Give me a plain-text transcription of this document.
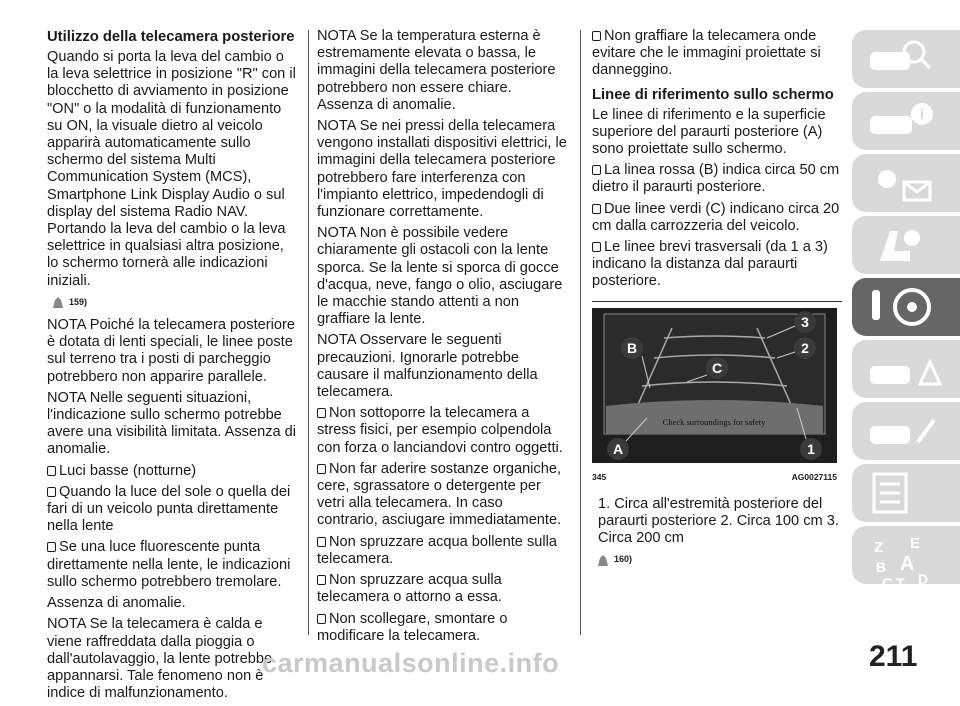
Utilizzo della telecamera posteriore

Quando si porta la leva del cambio o la leva selettrice in posizione "R" con il blocchetto di avviamento in posizione "ON" o la modalità di funzionamento su ON, la visuale dietro al veicolo apparirà automaticamente sullo schermo del sistema Multi Communication System (MCS), Smartphone Link Display Audio o sul display del sistema Radio NAV. Portando la leva del cambio o la leva selettrice in qualsiasi altra posizione, lo schermo tornerà alle indicazioni iniziali.

159)

NOTA Poiché la telecamera posteriore è dotata di lenti speciali, le linee poste sul terreno tra i posti di parcheggio potrebbero non apparire parallele.

NOTA Nelle seguenti situazioni, l'indicazione sullo schermo potrebbe avere una visibilità limitata. Assenza di anomalie.

Luci basse (notturne)

Quando la luce del sole o quella dei fari di un veicolo punta direttamente nella lente

Se una luce fluorescente punta direttamente nella lente, le indicazioni sullo schermo potrebbero tremolare.

Assenza di anomalie.

NOTA Se la telecamera è calda e viene raffreddata dalla pioggia o dall'autolavaggio, la lente potrebbe appannarsi. Tale fenomeno non è indice di malfunzionamento.

NOTA Se la temperatura esterna è estremamente elevata o bassa, le immagini della telecamera posteriore potrebbero non essere chiare. Assenza di anomalie.

NOTA Se nei pressi della telecamera vengono installati dispositivi elettrici, le immagini della telecamera posteriore potrebbero fare interferenza con l'impianto elettrico, impedendogli di funzionare correttamente.

NOTA Non è possibile vedere chiaramente gli ostacoli con la lente sporca. Se la lente si sporca di gocce d'acqua, neve, fango o olio, asciugare le macchie stando attenti a non graffiare la lente.

NOTA Osservare le seguenti precauzioni. Ignorarle potrebbe causare il malfunzionamento della telecamera.

Non sottoporre la telecamera a stress fisici, per esempio colpendola con forza o lanciandovi contro oggetti.

Non far aderire sostanze organiche, cere, sgrassatore o detergente per vetri alla telecamera. In caso contrario, asciugare immediatamente.

Non spruzzare acqua bollente sulla telecamera.

Non spruzzare acqua sulla telecamera o attorno a essa.

Non scollegare, smontare o modificare la telecamera.

Non graffiare la telecamera onde evitare che le immagini proiettate si danneggino.

Linee di riferimento sullo schermo

Le linee di riferimento e la superficie superiore del paraurti posteriore (A) sono proiettate sullo schermo.

La linea rossa (B) indica circa 50 cm dietro il paraurti posteriore.

Due linee verdi (C) indicano circa 20 cm dalla carrozzeria del veicolo.

Le linee brevi trasversali (da 1 a 3) indicano la distanza dal paraurti posteriore.

Check surroundings for safety
B
C
3
2
A	1
345	AG0027115

1. Circa all'estremità posteriore del paraurti posteriore 2. Circa 100 cm 3. Circa 200 cm

160)
i
Z E
A
B
C T D
carmanualsonline.info	211
